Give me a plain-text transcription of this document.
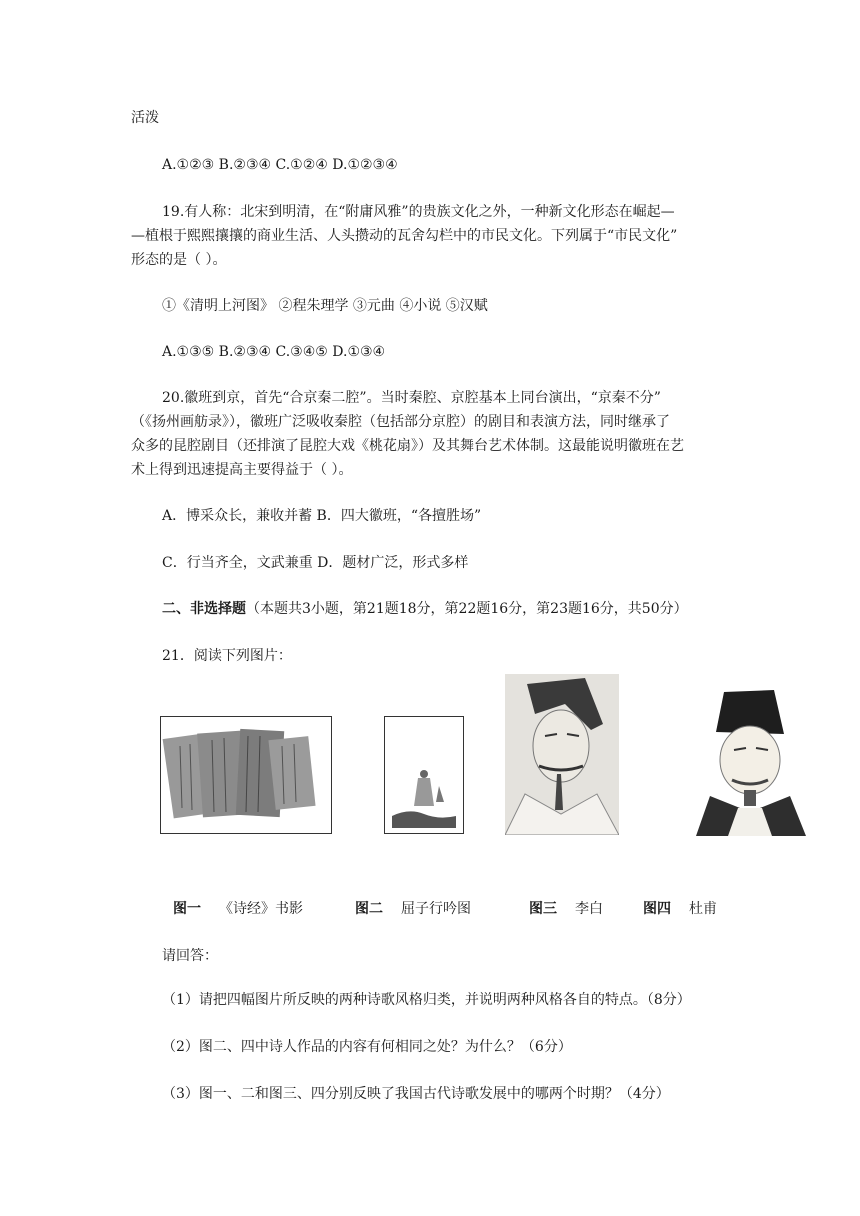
活泼
A.①②③ B.②③④ C.①②④ D.①②③④
19.有人称：北宋到明清，在“附庸风雅”的贵族文化之外，一种新文化形态在崛起—
—植根于熙熙攘攘的商业生活、人头攒动的瓦舍勾栏中的市民文化。下列属于“市民文化”
形态的是（ ）。
①《清明上河图》 ②程朱理学 ③元曲 ④小说 ⑤汉赋
A.①③⑤ B.②③④ C.③④⑤ D.①③④
20.徽班到京，首先“合京秦二腔”。当时秦腔、京腔基本上同台演出，“京秦不分”
（《扬州画舫录》），徽班广泛吸收秦腔（包括部分京腔）的剧目和表演方法，同时继承了
众多的昆腔剧目（还排演了昆腔大戏《桃花扇》）及其舞台艺术体制。这最能说明徽班在艺
术上得到迅速提高主要得益于（ ）。
A．博采众长，兼收并蓄 B．四大徽班，“各擅胜场”
C．行当齐全，文武兼重 D．题材广泛，形式多样
二、非选择题（本题共3小题，第21题18分，第22题16分，第23题16分，共50分）
21．阅读下列图片：
图一 《诗经》书影	图二 屈子行吟图	图三 李白	图四 杜甫
请回答：
（1）请把四幅图片所反映的两种诗歌风格归类，并说明两种风格各自的特点。（8分）
（2）图二、四中诗人作品的内容有何相同之处？为什么？（6分）
（3）图一、二和图三、四分别反映了我国古代诗歌发展中的哪两个时期？（4分）
